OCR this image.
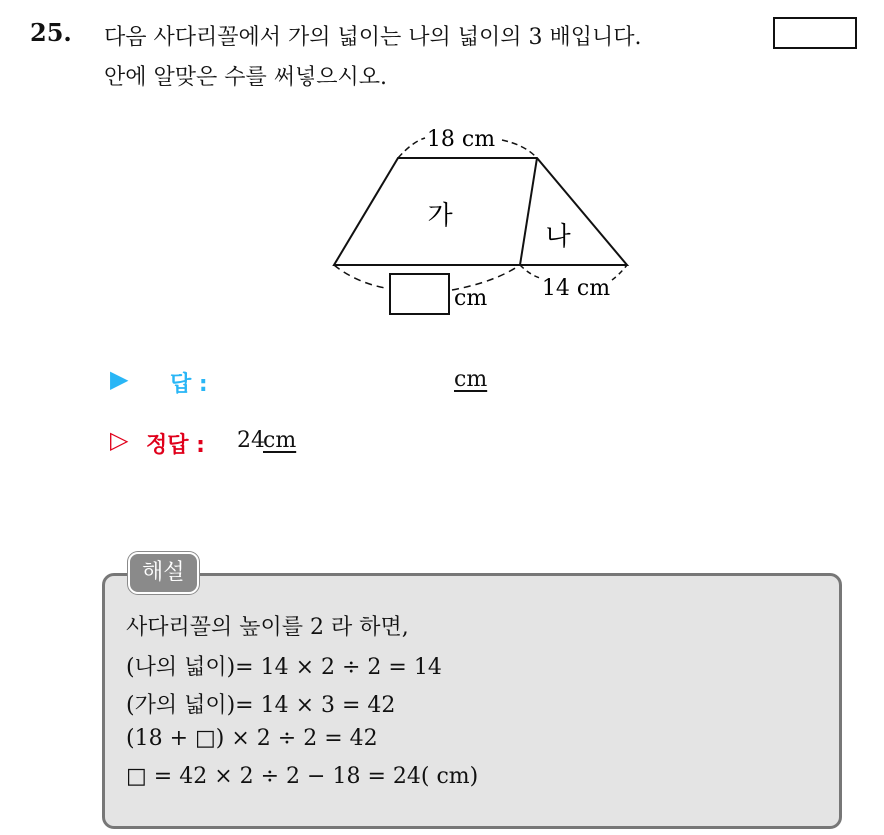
25. 다음 사다리꼴에서 가의 넓이는 나의 넓이의 3 배입니다.
안에 알맞은 수를 써넣으시오.
18 cm
가
나
cm 14 cm
▶ 답 :	cm
▷ 정답 : 24
cm
해설
사다리꼴의 높이를 2 라 하면,
(나의 넓이)= 14 × 2 ÷ 2 = 14
(가의 넓이)= 14 × 3 = 42
(18 + □) × 2 ÷ 2 = 42
□ = 42 × 2 ÷ 2 − 18 = 24( cm)
